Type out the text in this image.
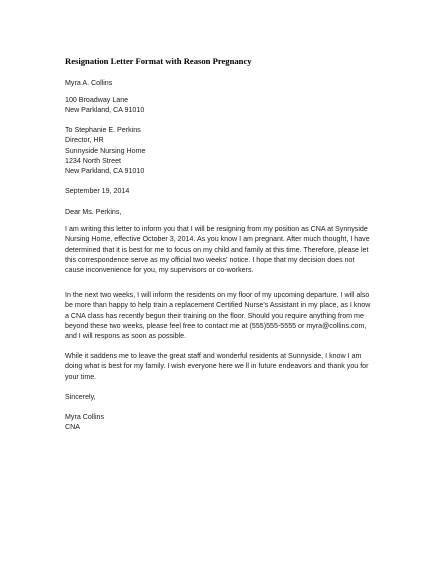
Resignation Letter Format with Reason Pregnancy
Myra A. Collins
100 Broadway Lane
New Parkland, CA 91010
To Stephanie E. Perkins
Director, HR
Sunnyside Nursing Home
1234 North Street
New Parkland, CA 91010
September 19, 2014
Dear Ms. Perkins,
I am writing this letter to inform you that I will be resigning from my position as CNA at Synnyside
Nursing Home, effective October 3, 2014. As you know I am pregnant. After much thought, I have
determined that it is best for me to focus on my child and family at this time. Therefore, please let
this correspondence serve as my official two weeks' notice. I hope that my decision does not
cause inconvenience for you, my supervisors or co-workers.
In the next two weeks, I will inform the residents on my floor of my upcoming departure. I will also
be more than happy to help train a replacement Certified Nurse's Assistant in my place, as I know
a CNA class has recently begun their training on the floor. Should you require anything from me
beyond these two weeks, please feel free to contact me at (555)555-5555 or myra@collins.com,
and I will respons as soon as possible.
While it saddens me to leave the great staff and wonderful residents at Sunnyside, I know I am
doing what is best for my family. I wish everyone here we ll in future endeavors and thank you for
your time.
Sincerely,
Myra Collins
CNA
